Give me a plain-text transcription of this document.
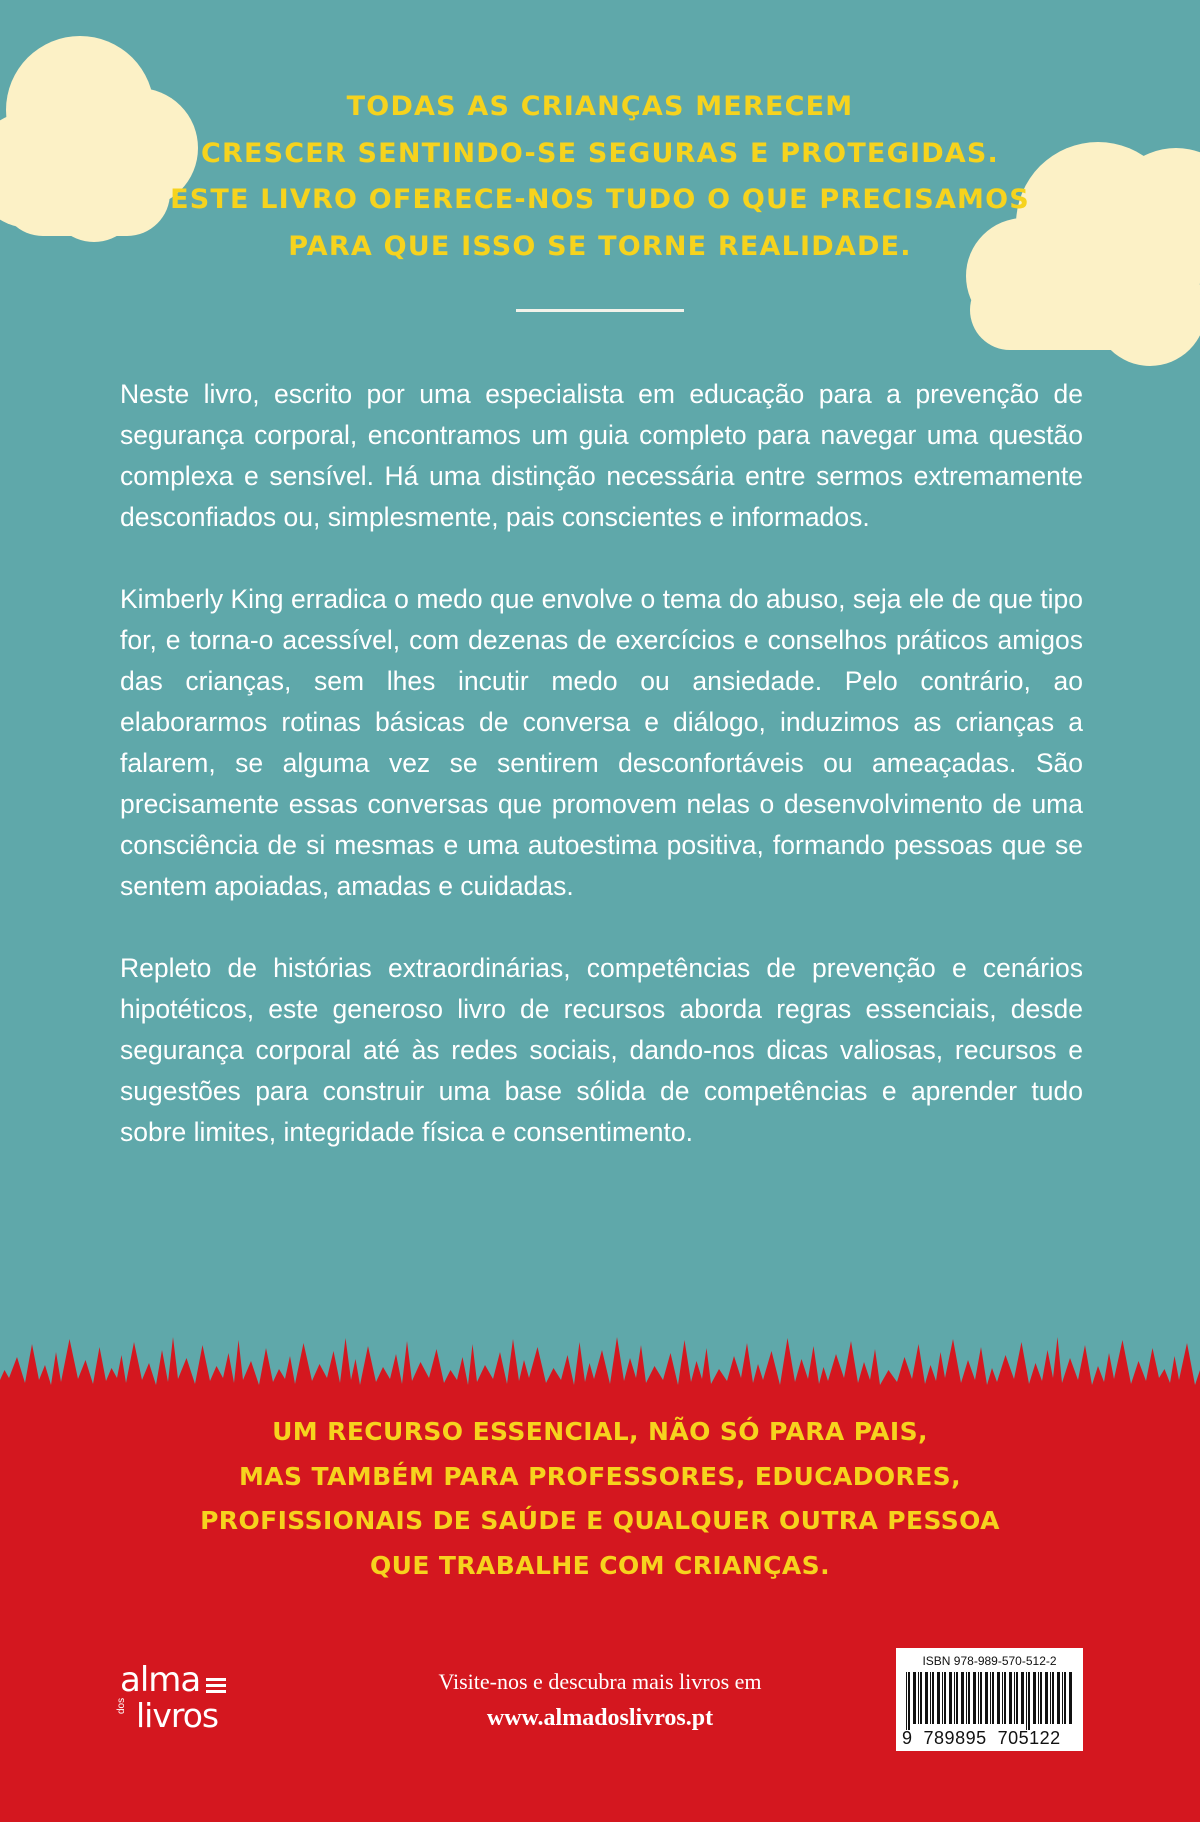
TODAS AS CRIANÇAS MERECEM
CRESCER SENTINDO-SE SEGURAS E PROTEGIDAS.
ESTE LIVRO OFERECE-NOS TUDO O QUE PRECISAMOS
PARA QUE ISSO SE TORNE REALIDADE.

Neste livro, escrito por uma especialista em educação para a prevenção de segurança corporal, encontramos um guia completo para navegar uma questão complexa e sensível. Há uma distinção necessária entre sermos extremamente desconfiados ou, simplesmente, pais conscientes e informados.

Kimberly King erradica o medo que envolve o tema do abuso, seja ele de que tipo for, e torna-o acessível, com dezenas de exercícios e conselhos práticos amigos das crianças, sem lhes incutir medo ou ansiedade. Pelo contrário, ao elaborarmos rotinas básicas de conversa e diálogo, induzimos as crianças a falarem, se alguma vez se sentirem desconfortáveis ou ameaçadas. São precisamente essas conversas que promovem nelas o desenvolvimento de uma consciência de si mesmas e uma autoestima positiva, formando pessoas que se sentem apoiadas, amadas e cuidadas.

Repleto de histórias extraordinárias, competências de prevenção e cenários hipotéticos, este generoso livro de recursos aborda regras essenciais, desde segurança corporal até às redes sociais, dando-nos dicas valiosas, recursos e sugestões para construir uma base sólida de competências e aprender tudo sobre limites, integridade física e consentimento.

UM RECURSO ESSENCIAL, NÃO SÓ PARA PAIS,
MAS TAMBÉM PARA PROFESSORES, EDUCADORES,
PROFISSIONAIS DE SAÚDE E QUALQUER OUTRA PESSOA
QUE TRABALHE COM CRIANÇAS.

alma
dos livros
Visite-nos e descubra mais livros em
www.almadoslivros.pt
ISBN 978-989-570-512-2
9 789895 705122
